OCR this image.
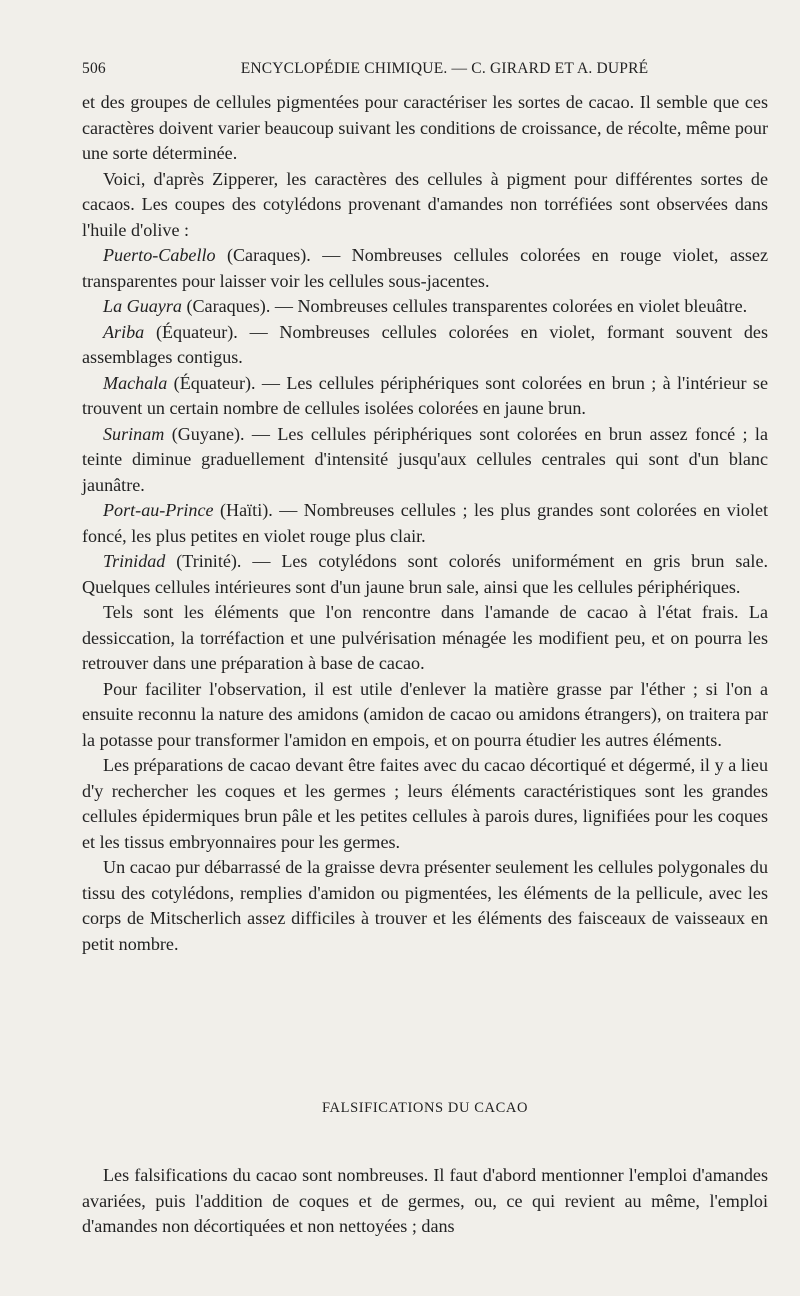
506	ENCYCLOPÉDIE CHIMIQUE. — C. GIRARD ET A. DUPRÉ

et des groupes de cellules pigmentées pour caractériser les sortes de cacao. Il semble que ces caractères doivent varier beaucoup suivant les conditions de croissance, de récolte, même pour une sorte déterminée.

Voici, d'après Zipperer, les caractères des cellules à pigment pour différentes sortes de cacaos. Les coupes des cotylédons provenant d'amandes non torréfiées sont observées dans l'huile d'olive :

Puerto-Cabello (Caraques). — Nombreuses cellules colorées en rouge violet, assez transparentes pour laisser voir les cellules sous-jacentes.

La Guayra (Caraques). — Nombreuses cellules transparentes colorées en violet bleuâtre.

Ariba (Équateur). — Nombreuses cellules colorées en violet, formant souvent des assemblages contigus.

Machala (Équateur). — Les cellules périphériques sont colorées en brun ; à l'intérieur se trouvent un certain nombre de cellules isolées colorées en jaune brun.

Surinam (Guyane). — Les cellules périphériques sont colorées en brun assez foncé ; la teinte diminue graduellement d'intensité jusqu'aux cellules centrales qui sont d'un blanc jaunâtre.

Port-au-Prince (Haïti). — Nombreuses cellules ; les plus grandes sont colorées en violet foncé, les plus petites en violet rouge plus clair.

Trinidad (Trinité). — Les cotylédons sont colorés uniformément en gris brun sale. Quelques cellules intérieures sont d'un jaune brun sale, ainsi que les cellules périphériques.

Tels sont les éléments que l'on rencontre dans l'amande de cacao à l'état frais. La dessiccation, la torréfaction et une pulvérisation ménagée les modifient peu, et on pourra les retrouver dans une préparation à base de cacao.

Pour faciliter l'observation, il est utile d'enlever la matière grasse par l'éther ; si l'on a ensuite reconnu la nature des amidons (amidon de cacao ou amidons étrangers), on traitera par la potasse pour transformer l'amidon en empois, et on pourra étudier les autres éléments.

Les préparations de cacao devant être faites avec du cacao décortiqué et dégermé, il y a lieu d'y rechercher les coques et les germes ; leurs éléments caractéristiques sont les grandes cellules épidermiques brun pâle et les petites cellules à parois dures, lignifiées pour les coques et les tissus embryonnaires pour les germes.

Un cacao pur débarrassé de la graisse devra présenter seulement les cellules polygonales du tissu des cotylédons, remplies d'amidon ou pigmentées, les éléments de la pellicule, avec les corps de Mitscherlich assez difficiles à trouver et les éléments des faisceaux de vaisseaux en petit nombre.

FALSIFICATIONS DU CACAO

Les falsifications du cacao sont nombreuses. Il faut d'abord mentionner l'emploi d'amandes avariées, puis l'addition de coques et de germes, ou, ce qui revient au même, l'emploi d'amandes non décortiquées et non nettoyées ; dans
